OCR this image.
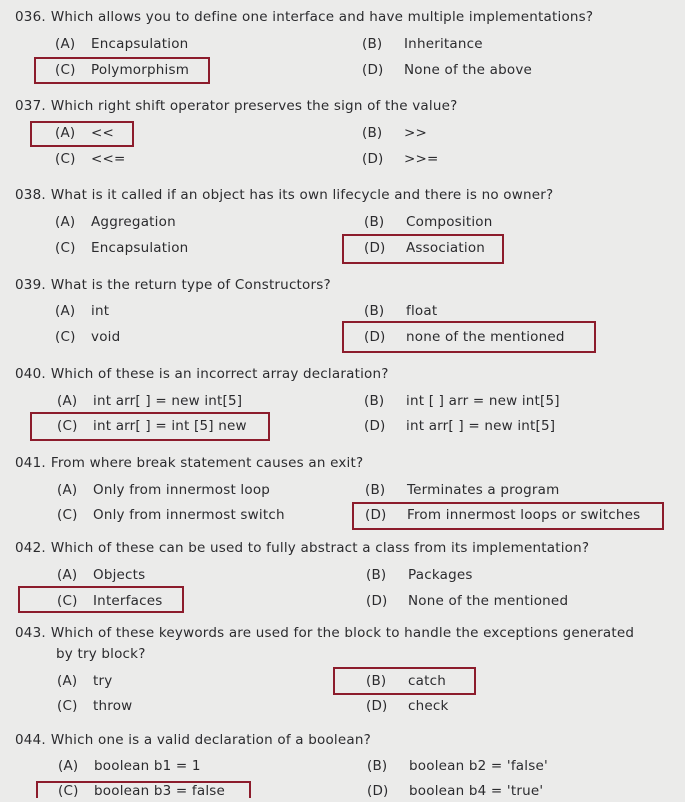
036. Which allows you to define one interface and have multiple implementations?
(A) Encapsulation	(B) Inheritance
(C) Polymorphism	(D) None of the above
037. Which right shift operator preserves the sign of the value?
(A) <<	(B) >>
(C) <<=	(D) >>=
038. What is it called if an object has its own lifecycle and there is no owner?
(A) Aggregation	(B) Composition
(C) Encapsulation	(D) Association
039. What is the return type of Constructors?
(A) int	(B) float
(C) void	(D) none of the mentioned
040. Which of these is an incorrect array declaration?
(A) int arr[ ] = new int[5]	(B) int [ ] arr = new int[5]
(C) int arr[ ] = int [5] new	(D) int arr[ ] = new int[5]
041. From where break statement causes an exit?
(A) Only from innermost loop	(B) Terminates a program
(C) Only from innermost switch	(D) From innermost loops or switches
042. Which of these can be used to fully abstract a class from its implementation?
(A) Objects	(B) Packages
(C) Interfaces	(D) None of the mentioned
043. Which of these keywords are used for the block to handle the exceptions generated
by try block?
(A) try	(B) catch
(C) throw	(D) check
044. Which one is a valid declaration of a boolean?
(A) boolean b1 = 1	(B) boolean b2 = 'false'
(C) boolean b3 = false	(D) boolean b4 = 'true'
